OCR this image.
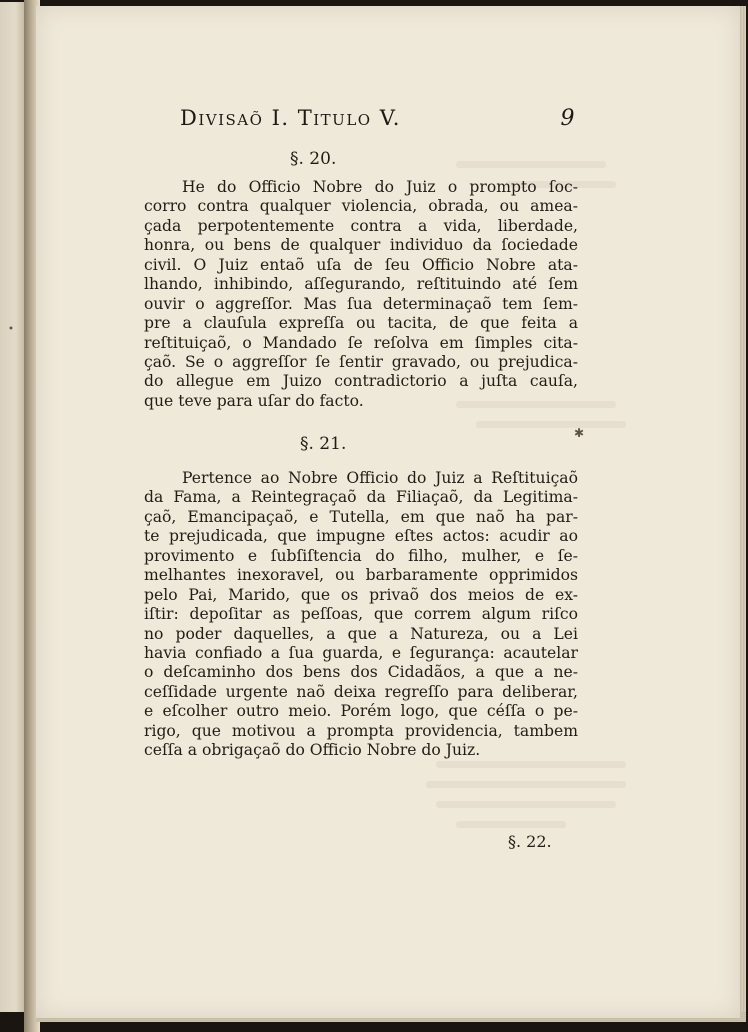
Divisaõ I. Titulo V.	9
§. 20.
He do Officio Nobre do Juiz o prompto ſoc-
corro contra qualquer violencia, obrada, ou amea-
çada perpotentemente contra a vida, liberdade,
honra, ou bens de qualquer individuo da ſociedade
civil. O Juiz entaõ uſa de ſeu Officio Nobre ata-
lhando, inhibindo, aſſegurando, reſtituindo até ſem
ouvir o aggreſſor. Mas ſua determinaçaõ tem ſem-
pre a clauſula expreſſa ou tacita, de que feita a
reſtituiçaõ, o Mandado ſe reſolva em ſimples cita-
çaõ. Se o aggreſſor ſe ſentir gravado, ou prejudica-
do allegue em Juizo contradictorio a juſta cauſa,
que teve para uſar do facto.
§. 21.
Pertence ao Nobre Officio do Juiz a Reſtituiçaõ
da Fama, a Reintegraçaõ da Filiaçaõ, da Legitima-
çaõ, Emancipaçaõ, e Tutella, em que naõ ha par-
te prejudicada, que impugne eſtes actos: acudir ao
provimento e ſubſiſtencia do filho, mulher, e ſe-
melhantes inexoravel, ou barbaramente opprimidos
pelo Pai, Marido, que os privaõ dos meios de ex-
iſtir: depoſitar as peſſoas, que correm algum riſco
no poder daquelles, a que a Natureza, ou a Lei
havia confiado a ſua guarda, e ſegurança: acautelar
o deſcaminho dos bens dos Cidadãos, a que a ne-
ceſſidade urgente naõ deixa regreſſo para deliberar,
e eſcolher outro meio. Porém logo, que céſſa o pe-
rigo, que motivou a prompta providencia, tambem
ceſſa a obrigaçaõ do Officio Nobre do Juiz.
§. 22.
•
✱
